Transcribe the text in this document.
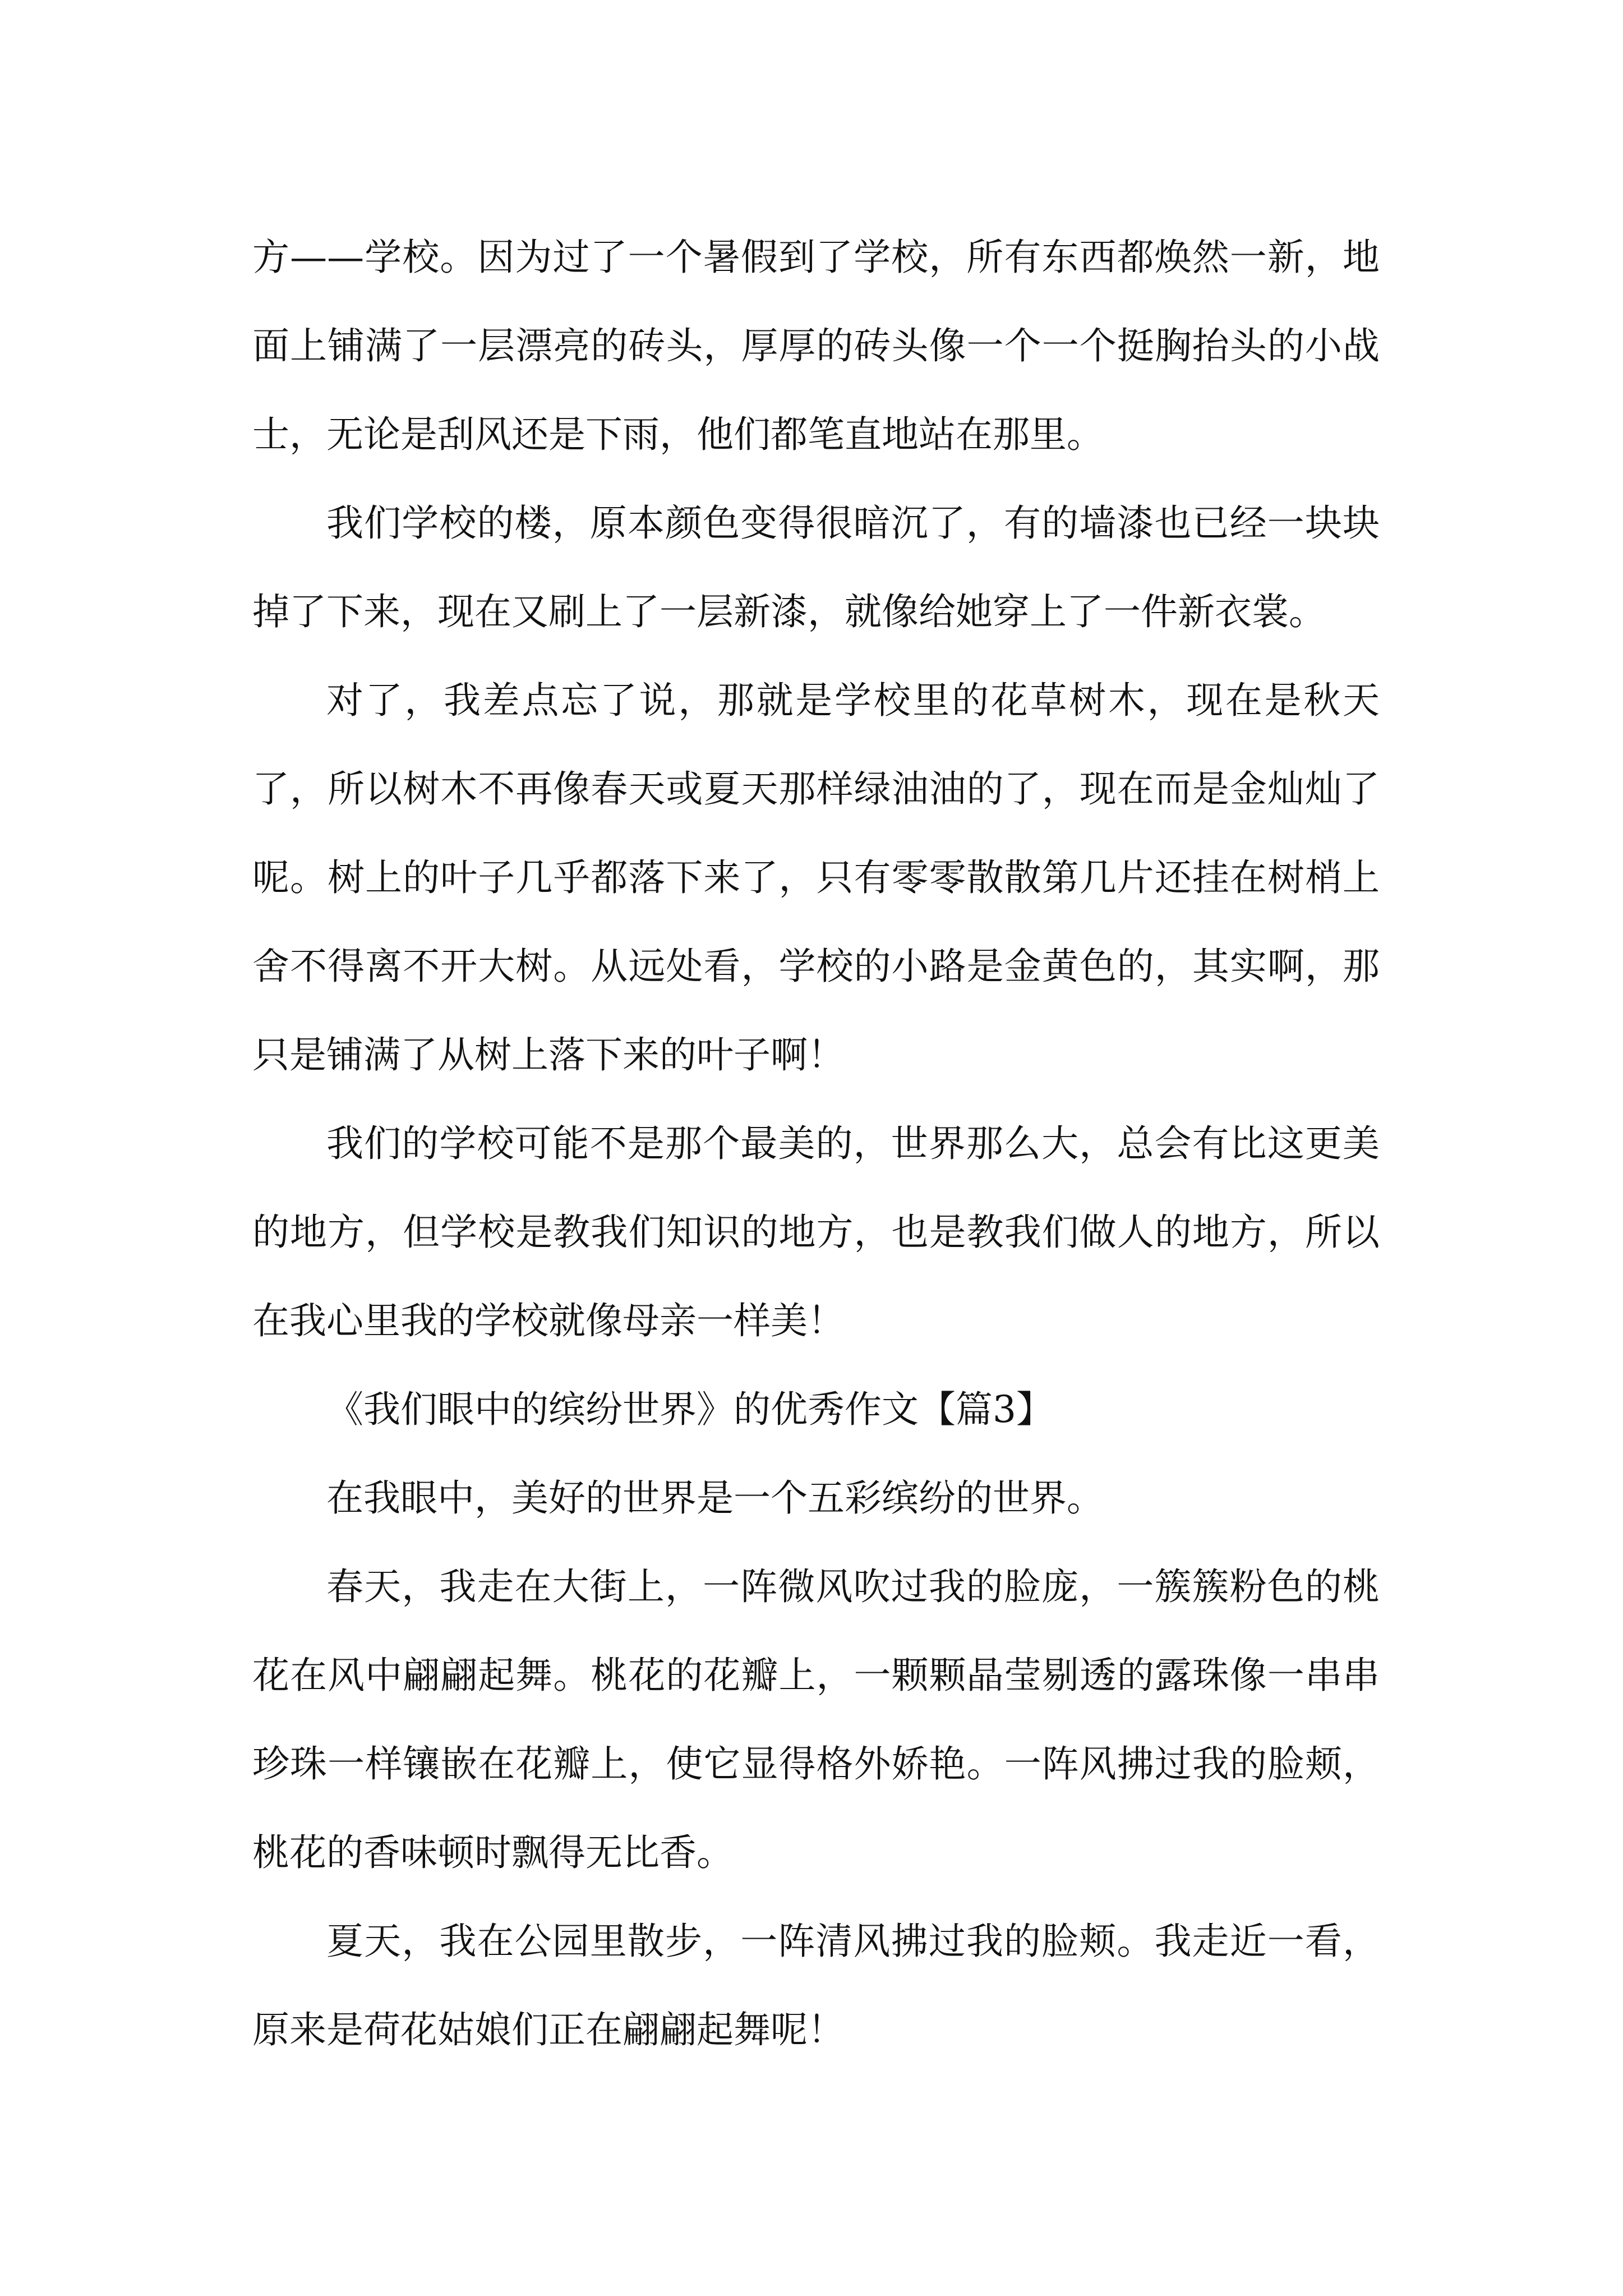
方——学校。因为过了一个暑假到了学校，所有东西都焕然一新，地面上铺满了一层漂亮的砖头，厚厚的砖头像一个一个挺胸抬头的小战士，无论是刮风还是下雨，他们都笔直地站在那里。

我们学校的楼，原本颜色变得很暗沉了，有的墙漆也已经一块块掉了下来，现在又刷上了一层新漆，就像给她穿上了一件新衣裳。

对了，我差点忘了说，那就是学校里的花草树木，现在是秋天了，所以树木不再像春天或夏天那样绿油油的了，现在而是金灿灿了呢。树上的叶子几乎都落下来了，只有零零散散第几片还挂在树梢上舍不得离不开大树。从远处看，学校的小路是金黄色的，其实啊，那只是铺满了从树上落下来的叶子啊！

我们的学校可能不是那个最美的，世界那么大，总会有比这更美的地方，但学校是教我们知识的地方，也是教我们做人的地方，所以在我心里我的学校就像母亲一样美！

《我们眼中的缤纷世界》的优秀作文【篇3】

在我眼中，美好的世界是一个五彩缤纷的世界。

春天，我走在大街上，一阵微风吹过我的脸庞，一簇簇粉色的桃花在风中翩翩起舞。桃花的花瓣上，一颗颗晶莹剔透的露珠像一串串珍珠一样镶嵌在花瓣上，使它显得格外娇艳。一阵风拂过我的脸颊，桃花的香味顿时飘得无比香。

夏天，我在公园里散步，一阵清风拂过我的脸颊。我走近一看，原来是荷花姑娘们正在翩翩起舞呢！
